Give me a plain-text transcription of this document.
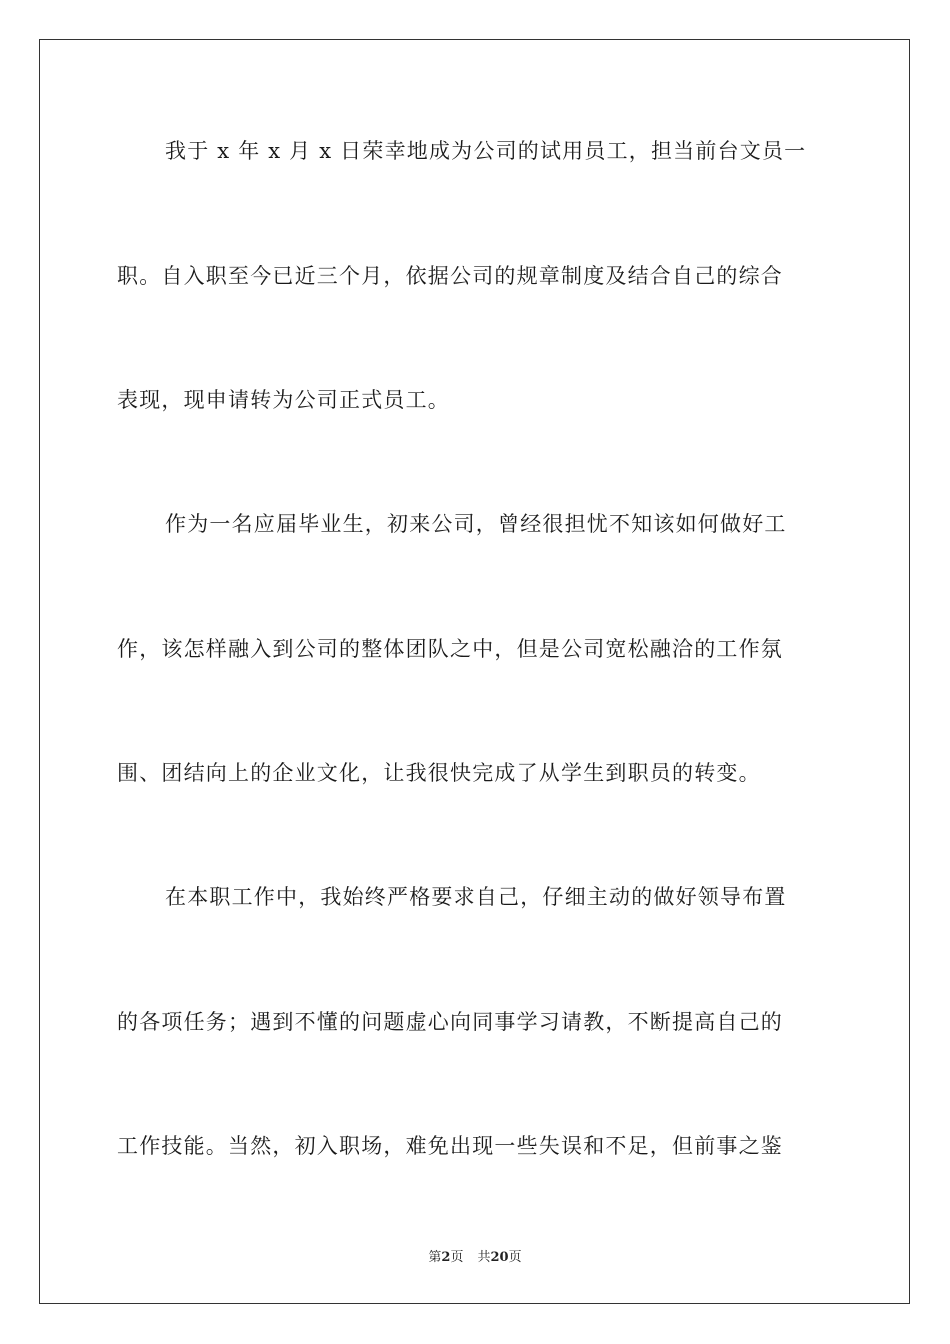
我于 x 年 x 月 x 日荣幸地成为公司的试用员工，担当前台文员一
职。自入职至今已近三个月，依据公司的规章制度及结合自己的综合
表现，现申请转为公司正式员工。
作为一名应届毕业生，初来公司，曾经很担忧不知该如何做好工
作，该怎样融入到公司的整体团队之中，但是公司宽松融洽的工作氛
围、团结向上的企业文化，让我很快完成了从学生到职员的转变。
在本职工作中，我始终严格要求自己，仔细主动的做好领导布置
的各项任务；遇到不懂的问题虚心向同事学习请教，不断提高自己的
工作技能。当然，初入职场，难免出现一些失误和不足，但前事之鉴
第2页 共20页
